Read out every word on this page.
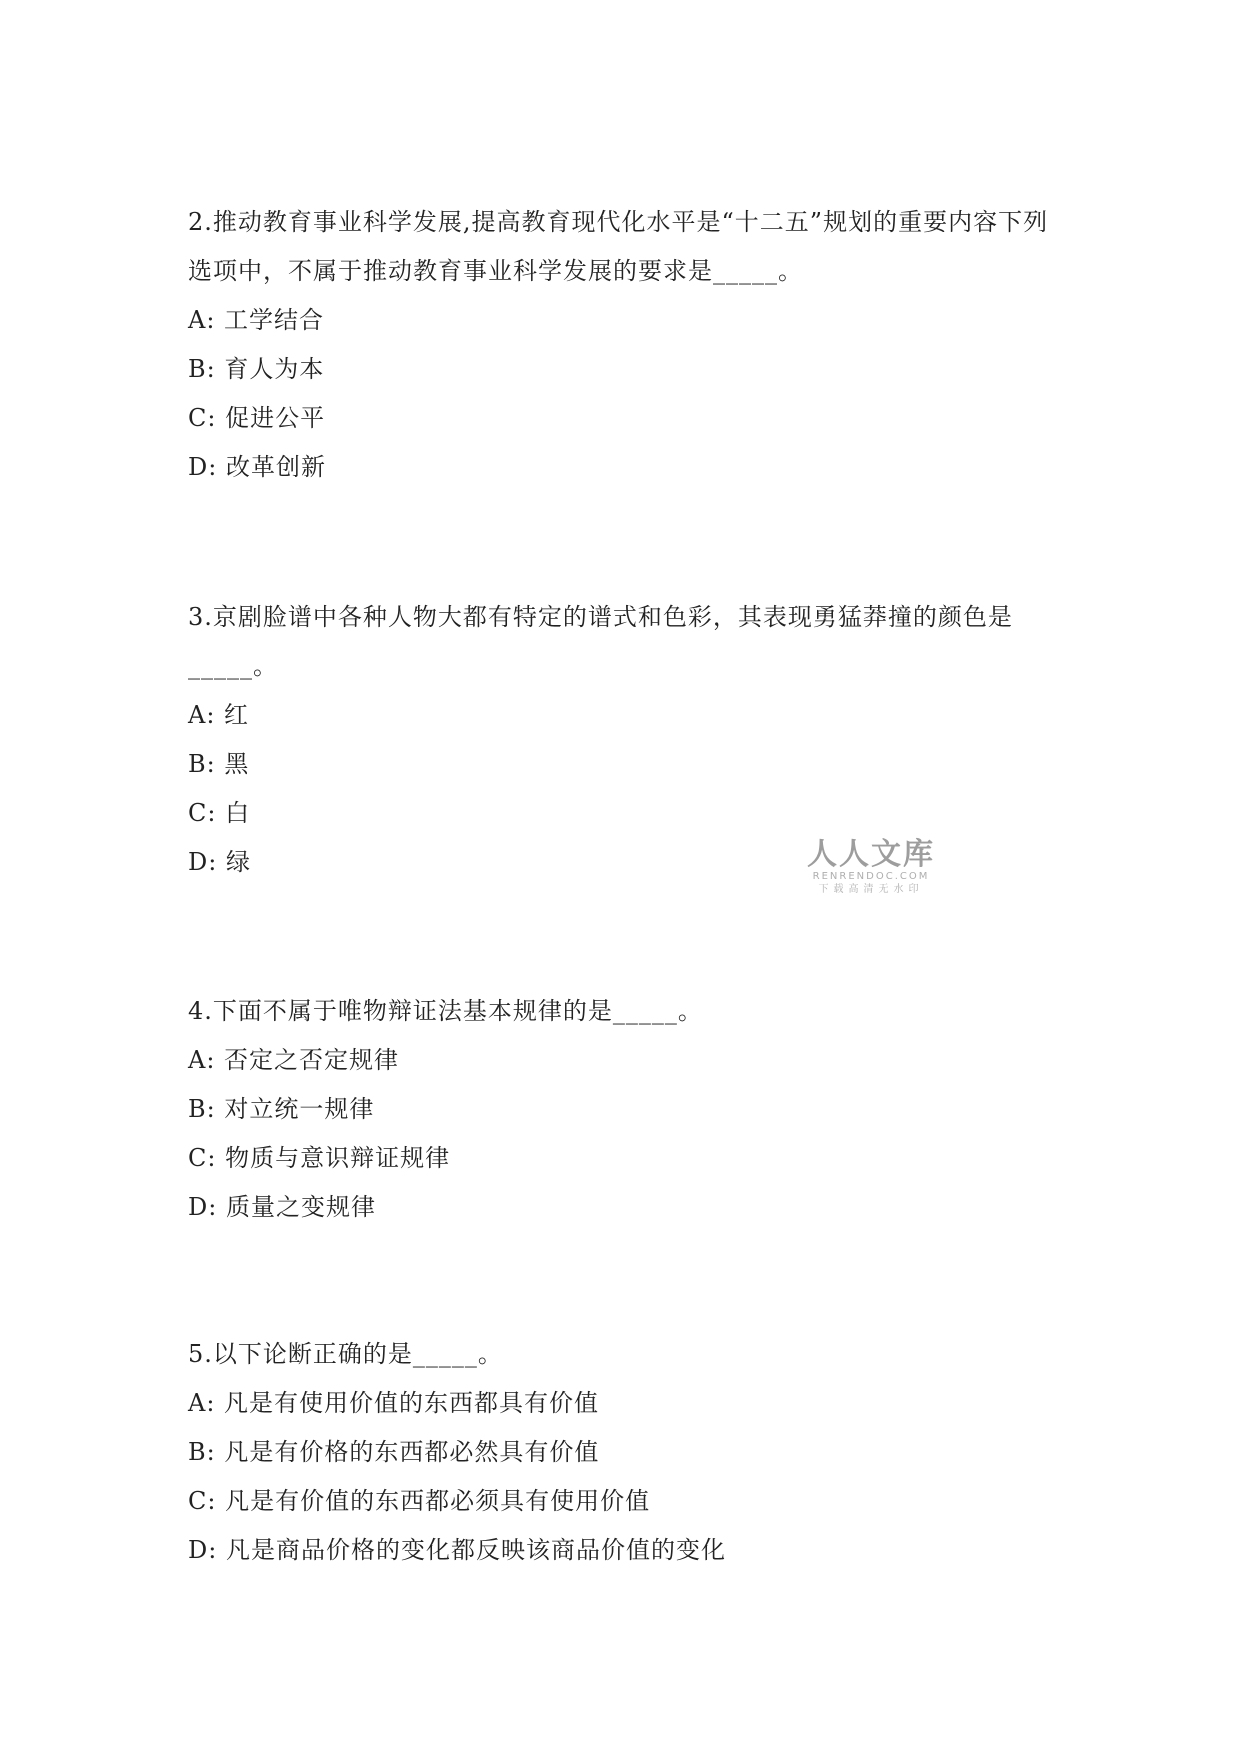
2.推动教育事业科学发展,提高教育现代化水平是“十二五”规划的重要内容下列选项中，不属于推动教育事业科学发展的要求是_____。

A: 工学结合
B: 育人为本
C: 促进公平
D: 改革创新

3.京剧脸谱中各种人物大都有特定的谱式和色彩，其表现勇猛莽撞的颜色是
_____。

A: 红
B: 黑
C: 白
D: 绿

4.下面不属于唯物辩证法基本规律的是_____。

A: 否定之否定规律
B: 对立统一规律
C: 物质与意识辩证规律
D: 质量之变规律

5.以下论断正确的是_____。

A: 凡是有使用价值的东西都具有价值
B: 凡是有价格的东西都必然具有价值
C: 凡是有价值的东西都必须具有使用价值
D: 凡是商品价格的变化都反映该商品价值的变化
人人文库
RENRENDOC.COM
下载高清无水印
